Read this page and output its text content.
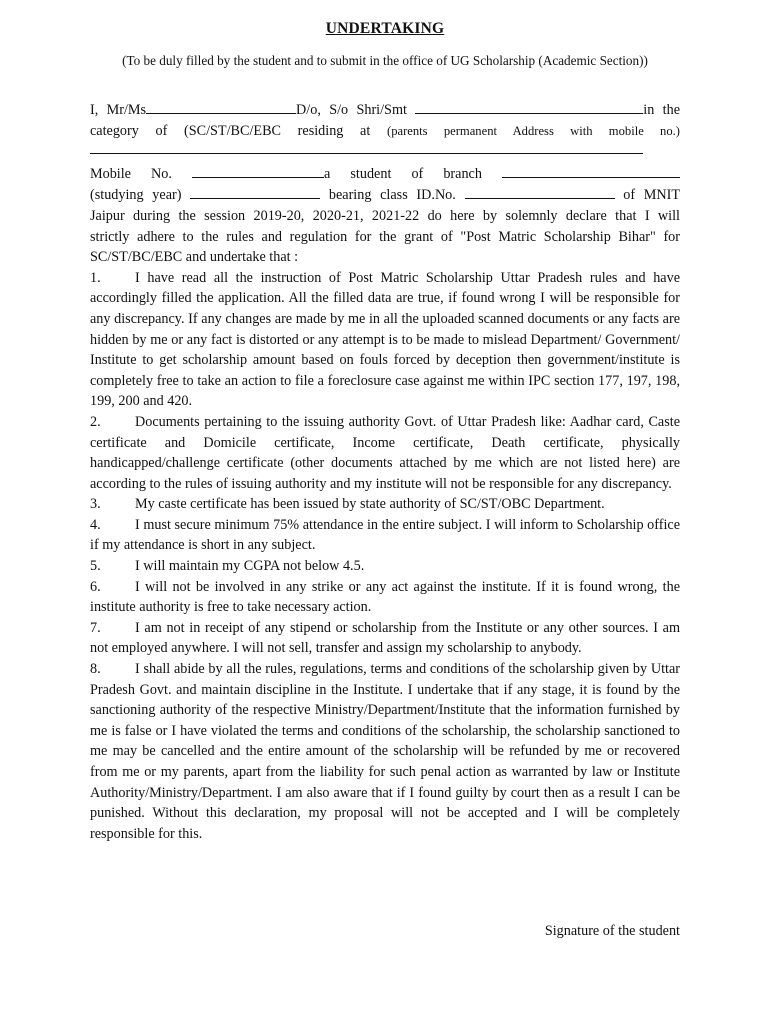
UNDERTAKING
(To be duly filled by the student and to submit in the office of UG Scholarship (Academic Section))
I, Mr/Ms	D/o, S/o Shri/Smt	in the
category of (SC/ST/BC/EBC residing at (parents permanent Address with mobile no.)
Mobile No.	a student of branch
(studying year)	bearing class ID.No.	of MNIT
Jaipur during the session 2019-20, 2020-21, 2021-22 do here by solemnly declare that I will
strictly adhere to the rules and regulation for the grant of "Post Matric Scholarship Bihar" for
SC/ST/BC/EBC and undertake that :
1. I have read all the instruction of Post Matric Scholarship Uttar Pradesh rules and have accordingly filled the application. All the filled data are true, if found wrong I will be responsible for any discrepancy. If any changes are made by me in all the uploaded scanned documents or any facts are hidden by me or any fact is distorted or any attempt is to be made to mislead Department/ Government/ Institute to get scholarship amount based on fouls forced by deception then government/institute is completely free to take an action to file a foreclosure case against me within IPC section 177, 197, 198, 199, 200 and 420.
2. Documents pertaining to the issuing authority Govt. of Uttar Pradesh like: Aadhar card, Caste certificate and Domicile certificate, Income certificate, Death certificate, physically handicapped/challenge certificate (other documents attached by me which are not listed here) are according to the rules of issuing authority and my institute will not be responsible for any discrepancy.
3. My caste certificate has been issued by state authority of SC/ST/OBC Department.
4. I must secure minimum 75% attendance in the entire subject. I will inform to Scholarship office if my attendance is short in any subject.
5. I will maintain my CGPA not below 4.5.
6. I will not be involved in any strike or any act against the institute. If it is found wrong, the institute authority is free to take necessary action.
7. I am not in receipt of any stipend or scholarship from the Institute or any other sources. I am not employed anywhere. I will not sell, transfer and assign my scholarship to anybody.
8. I shall abide by all the rules, regulations, terms and conditions of the scholarship given by Uttar Pradesh Govt. and maintain discipline in the Institute. I undertake that if any stage, it is found by the sanctioning authority of the respective Ministry/Department/Institute that the information furnished by me is false or I have violated the terms and conditions of the scholarship, the scholarship sanctioned to me may be cancelled and the entire amount of the scholarship will be refunded by me or recovered from me or my parents, apart from the liability for such penal action as warranted by law or Institute Authority/Ministry/Department. I am also aware that if I found guilty by court then as a result I can be punished. Without this declaration, my proposal will not be accepted and I will be completely responsible for this.
Signature of the student
